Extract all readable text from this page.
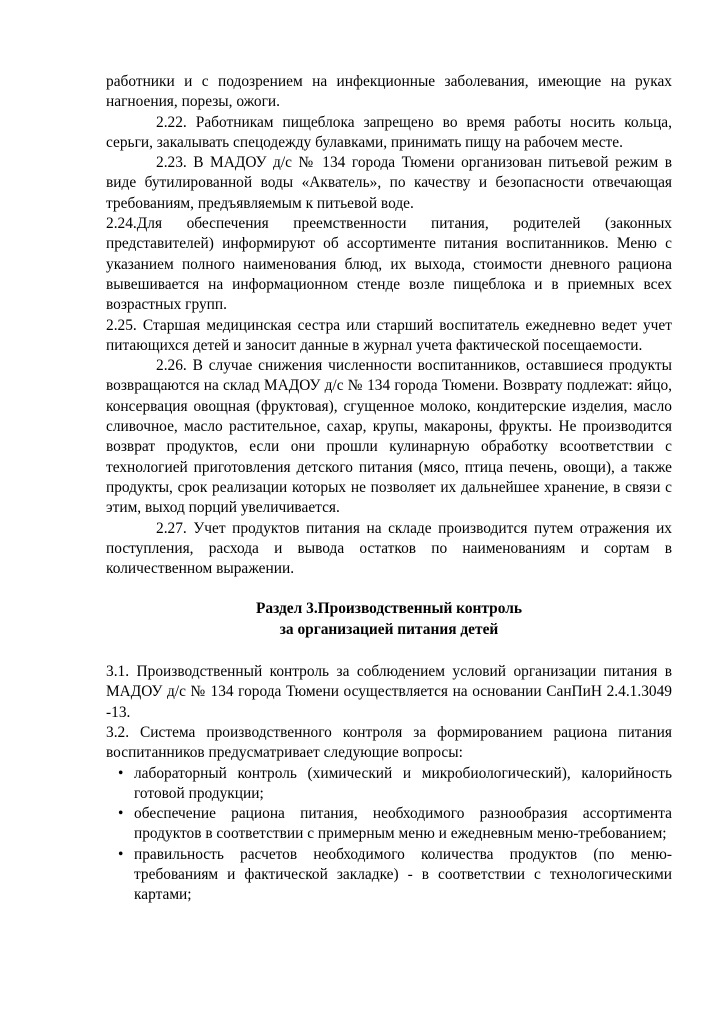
работники и с подозрением на инфекционные заболевания, имеющие на руках нагноения, порезы, ожоги.

2.22. Работникам пищеблока запрещено во время работы носить кольца, серьги, закалывать спецодежду булавками, принимать пищу на рабочем месте.

2.23. В МАДОУ д/с № 134 города Тюмени организован питьевой режим в виде бутилированной воды «Акватель», по качеству и безопасности отвечающая требованиям, предъявляемым к питьевой воде.

2.24.Для обеспечения преемственности питания, родителей (законных представителей) информируют об ассортименте питания воспитанников. Меню с указанием полного наименования блюд, их выхода, стоимости дневного рациона вывешивается на информационном стенде возле пищеблока и в приемных всех возрастных групп.

2.25. Старшая медицинская сестра или старший воспитатель ежедневно ведет учет питающихся детей и заносит данные в журнал учета фактической посещаемости.

2.26. В случае снижения численности воспитанников, оставшиеся продукты возвращаются на склад МАДОУ д/с № 134 города Тюмени. Возврату подлежат: яйцо, консервация овощная (фруктовая), сгущенное молоко, кондитерские изделия, масло сливочное, масло растительное, сахар, крупы, макароны, фрукты. Не производится возврат продуктов, если они прошли кулинарную обработку всоответствии с технологией приготовления детского питания (мясо, птица печень, овощи), а также продукты, срок реализации которых не позволяет их дальнейшее хранение, в связи с этим, выход порций увеличивается.

2.27. Учет продуктов питания на складе производится путем отражения их поступления, расхода и вывода остатков по наименованиям и сортам в количественном выражении.

Раздел 3.Производственный контроль
за организацией питания детей

3.1. Производственный контроль за соблюдением условий организации питания в МАДОУ д/с № 134 города Тюмени осуществляется на основании СанПиН 2.4.1.3049 -13.

3.2. Система производственного контроля за формированием рациона питания воспитанников предусматривает следующие вопросы:

• лабораторный контроль (химический и микробиологический), калорийность готовой продукции;
• обеспечение рациона питания, необходимого разнообразия ассортимента продуктов в соответствии с примерным меню и ежедневным меню-требованием;
• правильность расчетов необходимого количества продуктов (по меню-требованиям и фактической закладке) - в соответствии с технологическими картами;
